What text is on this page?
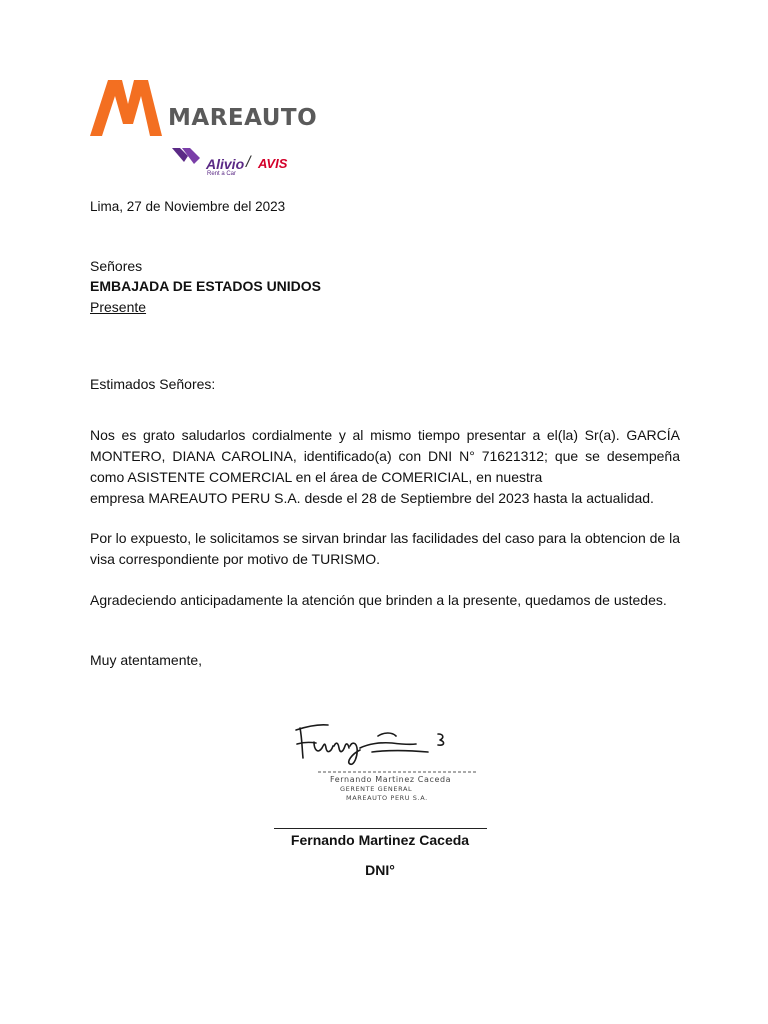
MAREAUTO
Alivio
Rent a Car
/ AVIS
Lima, 27 de Noviembre del 2023
Señores
EMBAJADA DE ESTADOS UNIDOS
Presente
Estimados Señores:
Nos es grato saludarlos cordialmente y al mismo tiempo presentar a el(la) Sr(a). GARCÍA MONTERO, DIANA CAROLINA, identificado(a) con DNI N° 71621312; que se desempeña como ASISTENTE COMERCIAL en el área de COMERICIAL, en nuestra
empresa MAREAUTO PERU S.A. desde el 28 de Septiembre del 2023 hasta la actualidad.
Por lo expuesto, le solicitamos se sirvan brindar las facilidades del caso para la obtencion de la visa correspondiente por motivo de TURISMO.
Agradeciendo anticipadamente la atención que brinden a la presente, quedamos de ustedes.
Muy atentamente,
Fernando Martinez Caceda
GERENTE GENERAL
MAREAUTO PERU S.A.
Fernando Martinez Caceda
DNI°
